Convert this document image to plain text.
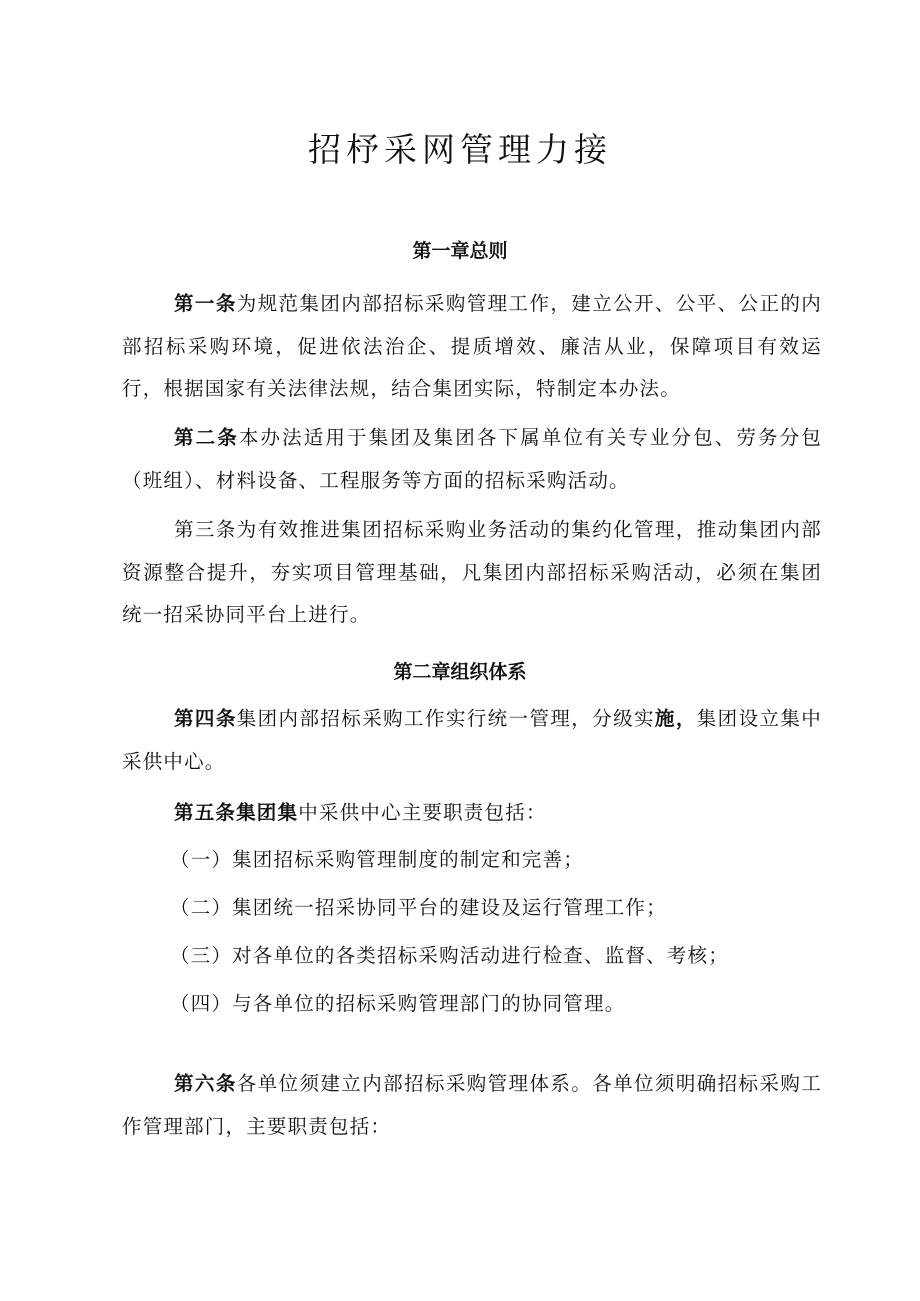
招杼采网管理力接
第一章总则

第一条为规范集团内部招标采购管理工作，建立公开、公平、公正的内部招标采购环境，促进依法治企、提质增效、廉洁从业，保障项目有效运行，根据国家有关法律法规，结合集团实际，特制定本办法。

第二条本办法适用于集团及集团各下属单位有关专业分包、劳务分包（班组）、材料设备、工程服务等方面的招标采购活动。

第三条为有效推进集团招标采购业务活动的集约化管理，推动集团内部资源整合提升，夯实项目管理基础，凡集团内部招标采购活动，必须在集团统一招采协同平台上进行。

第二章组织体系

第四条集团内部招标采购工作实行统一管理，分级实施，集团设立集中采供中心。

第五条集团集中采供中心主要职责包括：

（一）集团招标采购管理制度的制定和完善；

（二）集团统一招采协同平台的建设及运行管理工作；

（三）对各单位的各类招标采购活动进行检查、监督、考核；

（四）与各单位的招标采购管理部门的协同管理。

第六条各单位须建立内部招标采购管理体系。各单位须明确招标采购工作管理部门，主要职责包括：
